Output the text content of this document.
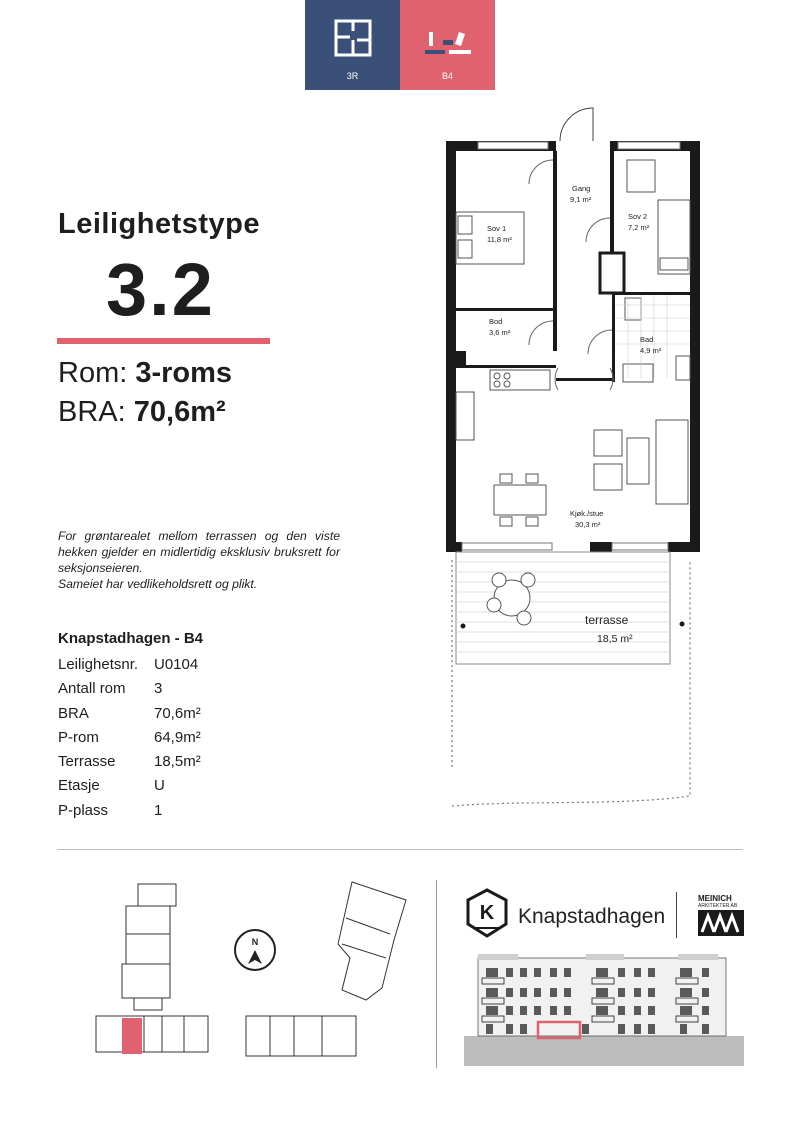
3R	B4
Leilighetstype
3.2
Rom: 3-roms
BRA: 70,6m²

For grøntarealet mellom terrassen og den viste hekken gjelder en midlertidig eksklusiv bruksrett for seksjonseieren.

Sameiet har vedlikeholdsrett og plikt.

Knapstadhagen - B4
Leilighetsnr.	U0104
Antall rom	3
BRA	70,6m²
P-rom	64,9m²
Terrasse	18,5m²
Etasje	U
P-plass	1
Sov 1
11,8 m²
Gang
9,1 m²
Sov 2
7,2 m²
Bod
3,6 m²
Bad
4,9 m²
Kjøk./stue
30,3 m²
terrasse
18,5 m²
N
K Knapstadhagen
MEINICH
ARKITEKTER AB
